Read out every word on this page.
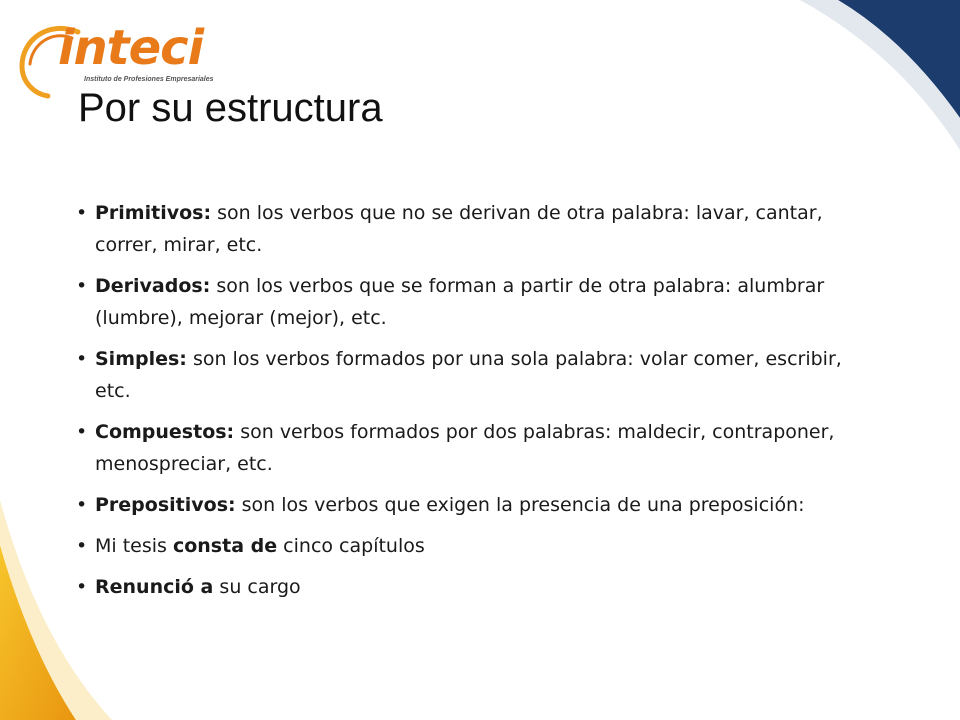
inteci
Instituto de Profesiones Empresariales
Por su estructura
• Primitivos: son los verbos que no se derivan de otra palabra: lavar, cantar, correr, mirar, etc.
• Derivados: son los verbos que se forman a partir de otra palabra: alumbrar (lumbre), mejorar (mejor), etc.
• Simples: son los verbos formados por una sola palabra: volar comer, escribir, etc.
• Compuestos: son verbos formados por dos palabras: maldecir, contraponer, menospreciar, etc.
• Prepositivos: son los verbos que exigen la presencia de una preposición:
• Mi tesis consta de cinco capítulos
• Renunció a su cargo
